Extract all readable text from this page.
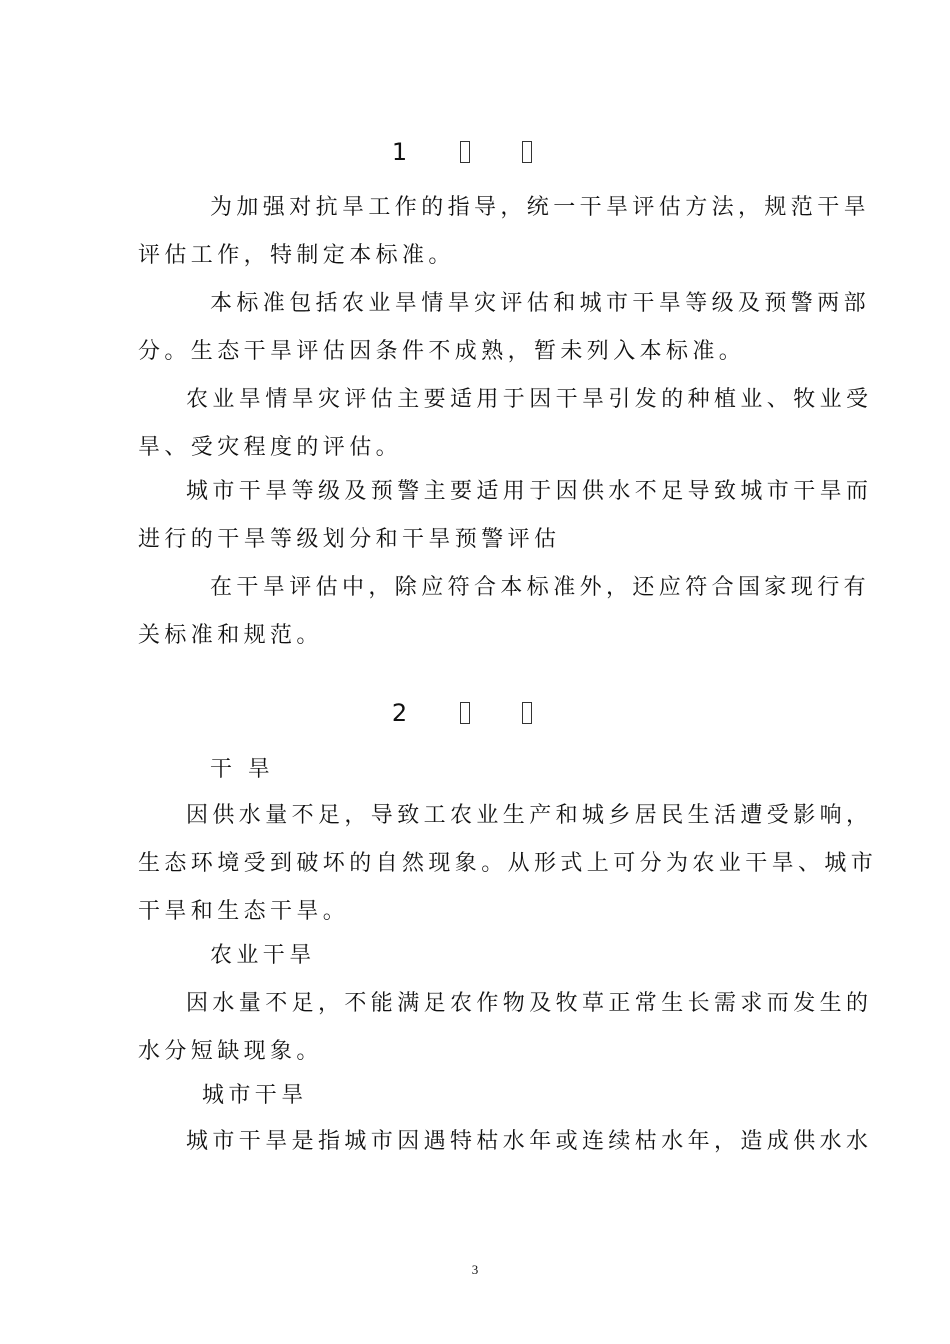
1
为加强对抗旱工作的指导，统一干旱评估方法，规范干旱
评估工作，特制定本标准。
本标准包括农业旱情旱灾评估和城市干旱等级及预警两部
分。生态干旱评估因条件不成熟，暂未列入本标准。
农业旱情旱灾评估主要适用于因干旱引发的种植业、牧业受
旱、受灾程度的评估。
城市干旱等级及预警主要适用于因供水不足导致城市干旱而
进行的干旱等级划分和干旱预警评估
在干旱评估中，除应符合本标准外，还应符合国家现行有
关标准和规范。
2
干 旱
因供水量不足，导致工农业生产和城乡居民生活遭受影响，
生态环境受到破坏的自然现象。从形式上可分为农业干旱、城市
干旱和生态干旱。
农业干旱
因水量不足，不能满足农作物及牧草正常生长需求而发生的
水分短缺现象。
城市干旱
城市干旱是指城市因遇特枯水年或连续枯水年，造成供水水
3
